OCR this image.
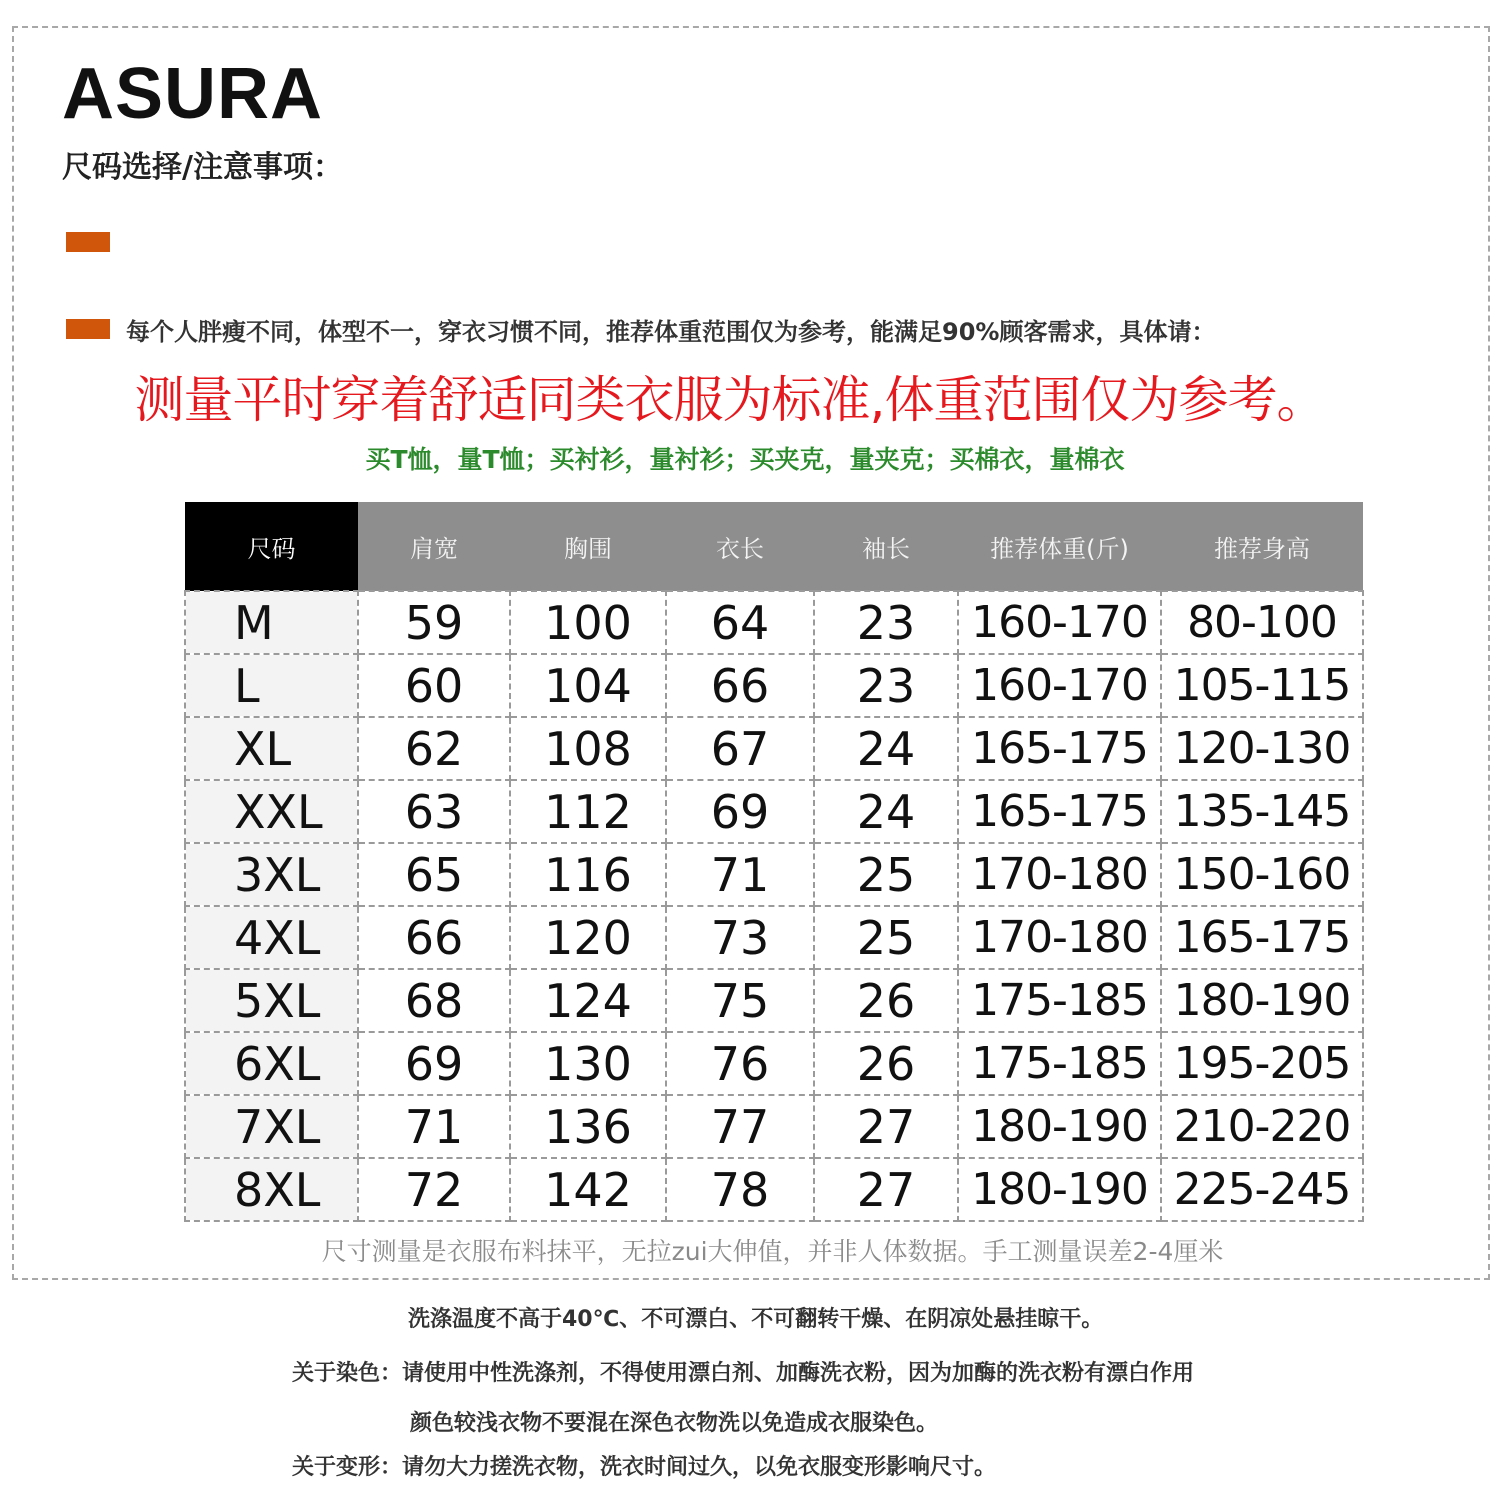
ASURA
尺码选择/注意事项：
每个人胖瘦不同，体型不一，穿衣习惯不同，推荐体重范围仅为参考，能满足90%顾客需求，具体请：
测量平时穿着舒适同类衣服为标准,体重范围仅为参考。
买T恤，量T恤；买衬衫，量衬衫；买夹克，量夹克；买棉衣，量棉衣
尺码	肩宽	胸围	衣长	袖长	推荐体重(斤)	推荐身高
M	59	100	64	23	160-170	80-100
L	60	104	66	23	160-170	105-115
XL	62	108	67	24	165-175	120-130
XXL	63	112	69	24	165-175	135-145
3XL	65	116	71	25	170-180	150-160
4XL	66	120	73	25	170-180	165-175
5XL	68	124	75	26	175-185	180-190
6XL	69	130	76	26	175-185	195-205
7XL	71	136	77	27	180-190	210-220
8XL	72	142	78	27	180-190	225-245
尺寸测量是衣服布料抹平，无拉zui大伸值，并非人体数据。手工测量误差2-4厘米
洗涤温度不高于40℃、不可漂白、不可翻转干燥、在阴凉处悬挂晾干。
关于染色：请使用中性洗涤剂，不得使用漂白剂、加酶洗衣粉，因为加酶的洗衣粉有漂白作用
颜色较浅衣物不要混在深色衣物洗以免造成衣服染色。
关于变形：请勿大力搓洗衣物，洗衣时间过久，以免衣服变形影响尺寸。
